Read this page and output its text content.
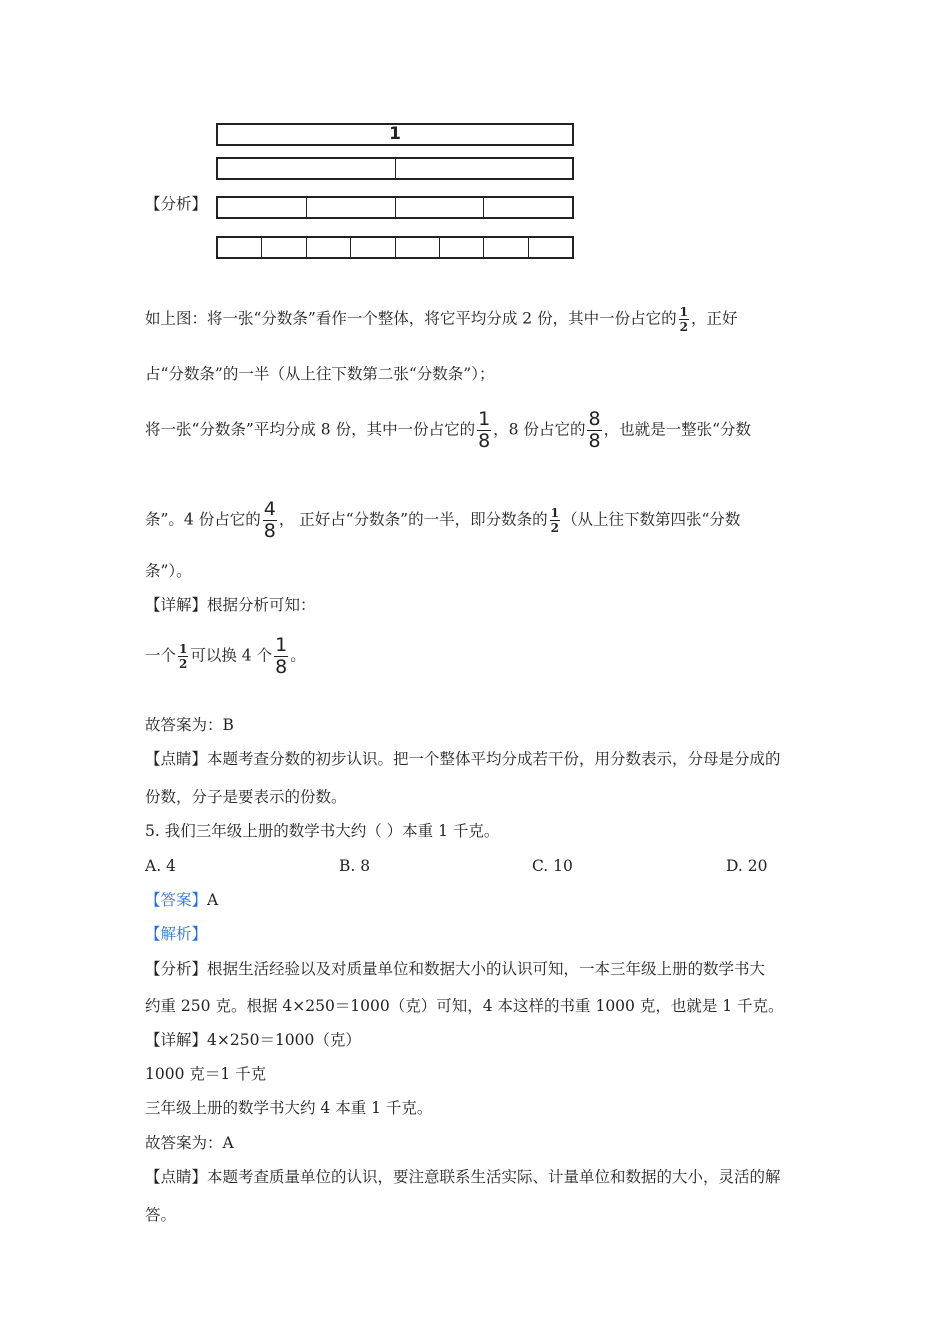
1
【分析】
如上图：将一张“分数条”看作一个整体，将它平均分成 2 份，其中一份占它的 $\frac{1}{2}$ ，正好
占“分数条”的一半（从上往下数第二张“分数条”）；
将一张“分数条”平均分成 8 份，其中一份占它的 $\frac{1}{8}$ ，8 份占它的 $\frac{8}{8}$ ，也就是一整张“分数
条”。4 份占它的 $\frac{4}{8}$ ， 正好占“分数条”的一半，即分数条的 $\frac{1}{2}$ （从上往下数第四张“分数
条”）。
【详解】根据分析可知：
一个 $\frac{1}{2}$ 可以换 4 个 $\frac{1}{8}$ 。
故答案为：B
【点睛】本题考查分数的初步认识。把一个整体平均分成若干份，用分数表示，分母是分成的
份数，分子是要表示的份数。
5. 我们三年级上册的数学书大约（ ）本重 1 千克。
A. 4	B. 8	C. 10	D. 20
【答案】A
【解析】
【分析】根据生活经验以及对质量单位和数据大小的认识可知，一本三年级上册的数学书大
约重 250 克。根据 4×250＝1000（克）可知，4 本这样的书重 1000 克，也就是 1 千克。
【详解】4×250＝1000（克）
1000 克＝1 千克
三年级上册的数学书大约 4 本重 1 千克。
故答案为：A
【点睛】本题考查质量单位的认识，要注意联系生活实际、计量单位和数据的大小，灵活的解
答。
